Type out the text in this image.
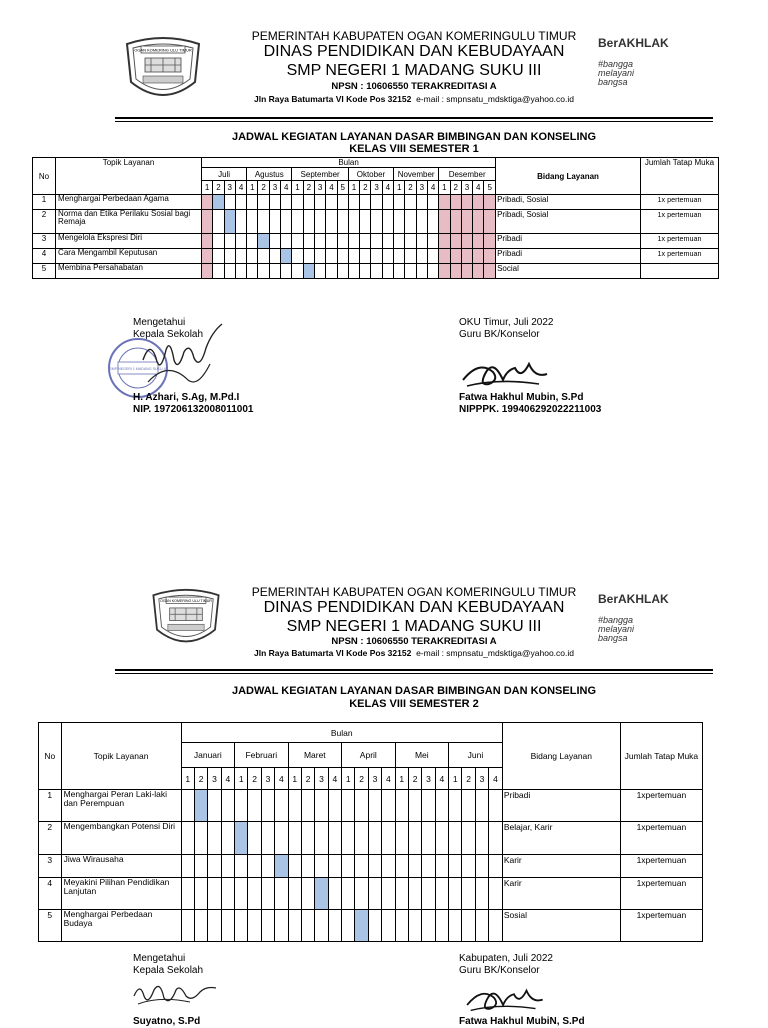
OGAN KOMERING ULU TIMUR
PEMERINTAH KABUPATEN OGAN KOMERINGULU TIMUR
DINAS PENDIDIKAN DAN KEBUDAYAAN
SMP NEGERI 1 MADANG SUKU III
NPSN : 10606550 TERAKREDITASI A
Jln Raya Batumarta VI Kode Pos 32152 e-mail : smpnsatu_mdsktiga@yahoo.co.id
BerAKHLAK
#bangga melayani bangsa
JADWAL KEGIATAN LAYANAN DASAR BIMBINGAN DAN KONSELING
KELAS VIII SEMESTER 1
No	Topik Layanan	Bulan																										Bidang Layanan	Jumlah Tatap Muka
		Juli				Agustus				September					Oktober				November				Desember						
		1	2	3	4	1	2	3	4	1	2	3	4	5	1	2	3	4	1	2	3	4	1	2	3	4	5		
1	Menghargai Perbedaan Agama																											Pribadi, Sosial	1x pertemuan
2	Norma dan Etika Perilaku Sosial bagi Remaja																											Pribadi, Sosial	1x pertemuan
3	Mengelola Ekspresi Diri																											Pribadi	1x pertemuan
4	Cara Mengambil Keputusan																											Pribadi	1x pertemuan
5	Membina Persahabatan																											Social	
Mengetahui
Kepala Sekolah
SMP NEGERI 1 MADANG SUKU III
H. Azhari, S.Ag, M.Pd.I
NIP. 197206132008011001
OKU Timur, Juli 2022
Guru BK/Konselor
Fatwa Hakhul Mubin, S.Pd
NIPPPK. 199406292022211003
OGAN KOMERING ULU TIMUR
PEMERINTAH KABUPATEN OGAN KOMERINGULU TIMUR
DINAS PENDIDIKAN DAN KEBUDAYAAN
SMP NEGERI 1 MADANG SUKU III
NPSN : 10606550 TERAKREDITASI A
Jln Raya Batumarta VI Kode Pos 32152 e-mail : smpnsatu_mdsktiga@yahoo.co.id
BerAKHLAK
#bangga melayani bangsa
JADWAL KEGIATAN LAYANAN DASAR BIMBINGAN DAN KONSELING
KELAS VIII SEMESTER 2
No	Topik Layanan	Bulan																								Bidang Layanan	Jumlah Tatap Muka
		Januari				Februari				Maret				April				Mei				Juni					
		1	2	3	4	1	2	3	4	1	2	3	4	1	2	3	4	1	2	3	4	1	2	3	4		
1	Menghargai Peran Laki-laki dan Perempuan																									Pribadi	1xpertemuan
2	Mengembangkan Potensi Diri																									Belajar, Karir	1xpertemuan
3	Jiwa Wirausaha																									Karir	1xpertemuan
4	Meyakini Pilihan Pendidikan Lanjutan																									Karir	1xpertemuan
5	Menghargai Perbedaan Budaya																									Sosial	1xpertemuan
Mengetahui
Kepala Sekolah
Suyatno, S.Pd
Kabupaten, Juli 2022
Guru BK/Konselor
Fatwa Hakhul MubiN, S.Pd
